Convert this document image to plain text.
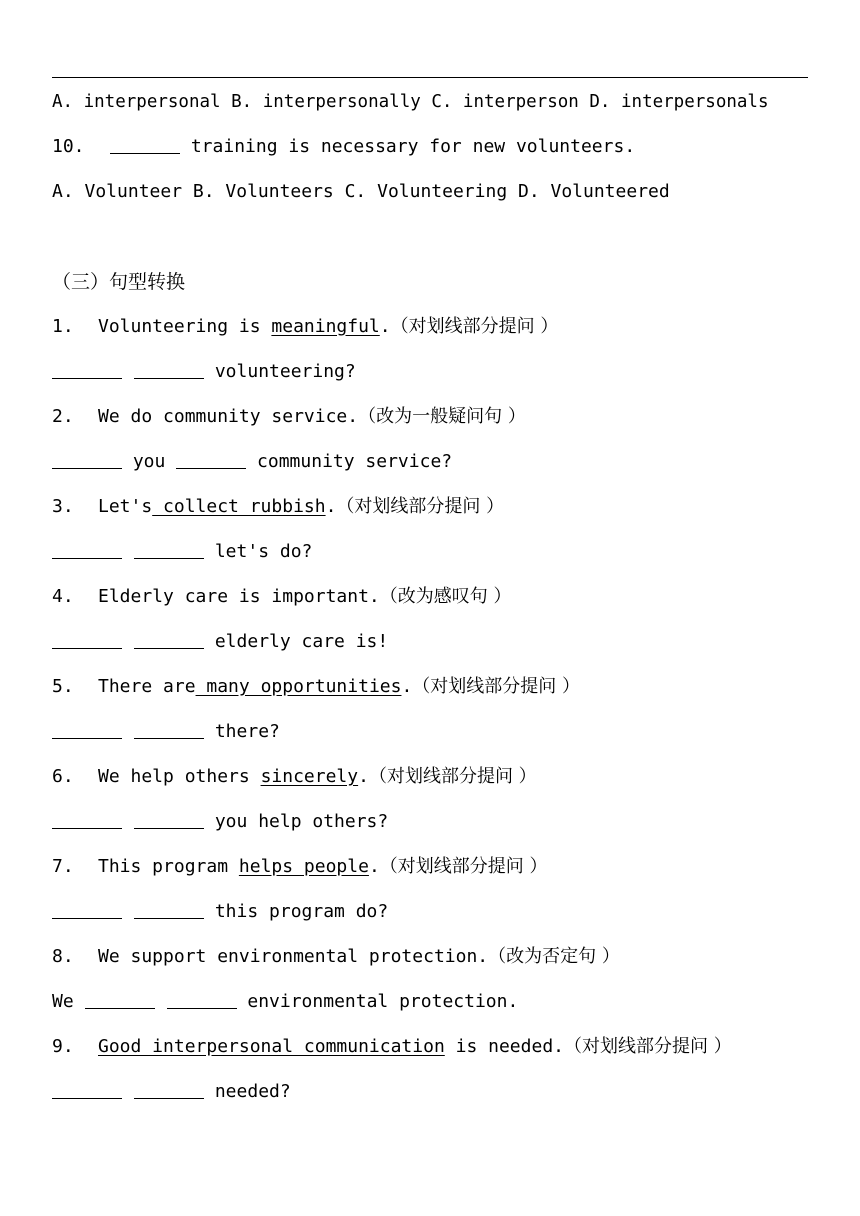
A. interpersonal B. interpersonally C. interperson D. interpersonals
10.	training is necessary for new volunteers.
A. Volunteer B. Volunteers C. Volunteering D. Volunteered
（三）句型转换
1. Volunteering is meaningful.（对划线部分提问 ）
volunteering?
2. We do community service.（改为一般疑问句 ）
you	community service?
3. Let's collect rubbish.（对划线部分提问 ）
let's do?
4. Elderly care is important.（改为感叹句 ）
elderly care is!
5. There are many opportunities.（对划线部分提问 ）
there?
6. We help others sincerely.（对划线部分提问 ）
you help others?
7. This program helps people.（对划线部分提问 ）
this program do?
8. We support environmental protection.（改为否定句 ）
We	environmental protection.
9. Good interpersonal communication is needed.（对划线部分提问 ）
needed?
